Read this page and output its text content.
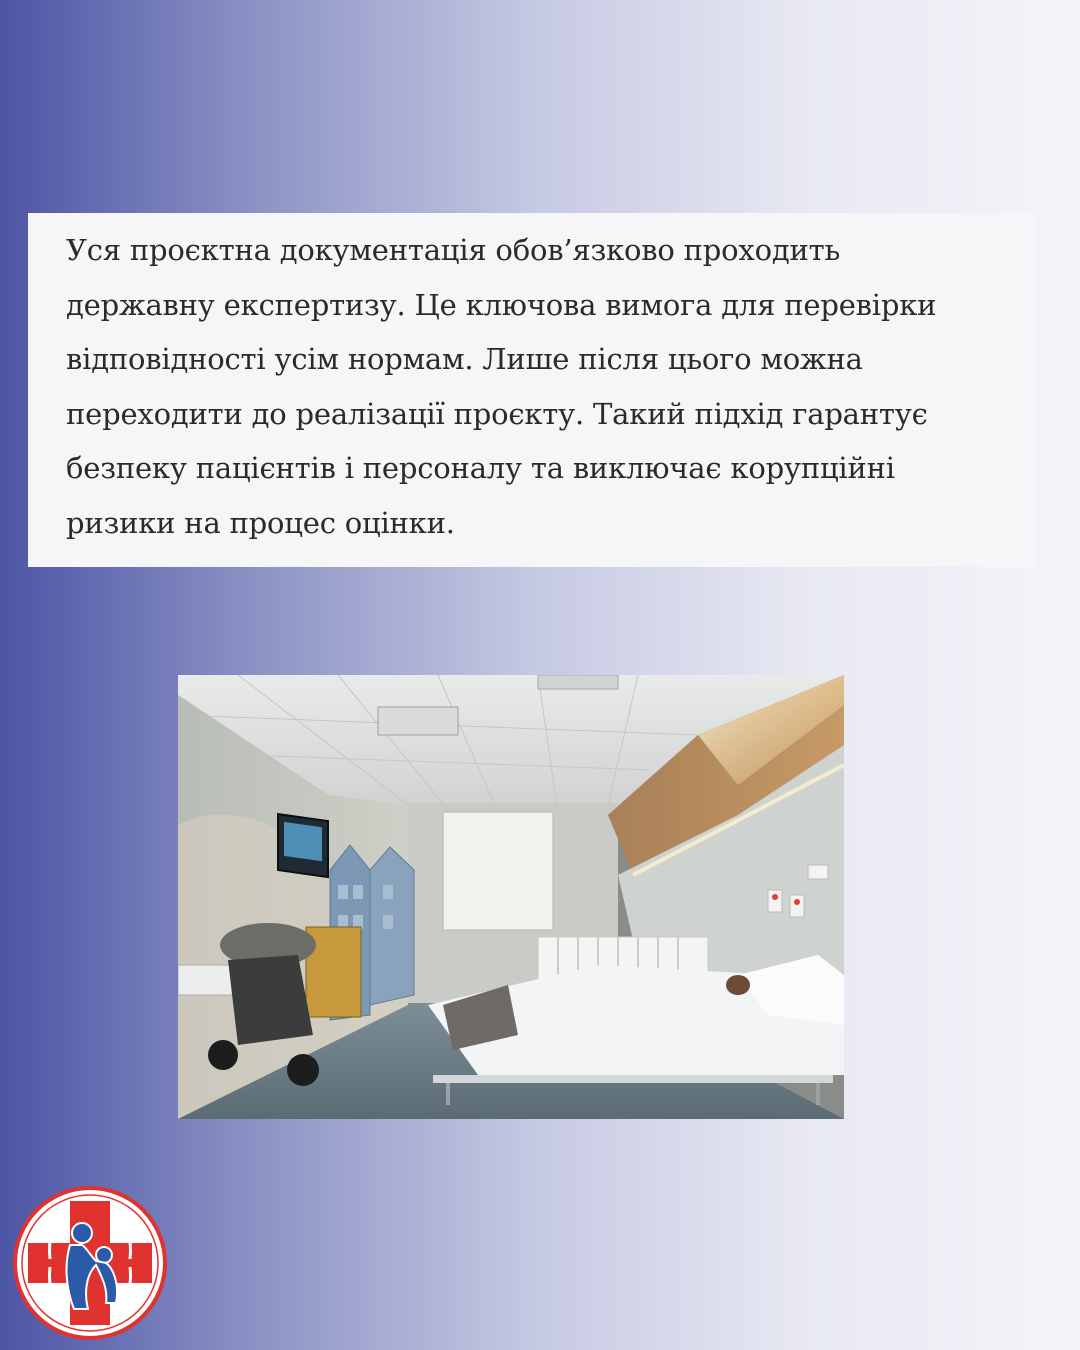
Уся проєктна документація обов’язково проходить

державну експертизу. Це ключова вимога для перевірки

відповідності усім нормам. Лише після цього можна

переходити до реалізації проєкту. Такий підхід гарантує

безпеку пацієнтів і персоналу та виключає корупційні

ризики на процес оцінки.
